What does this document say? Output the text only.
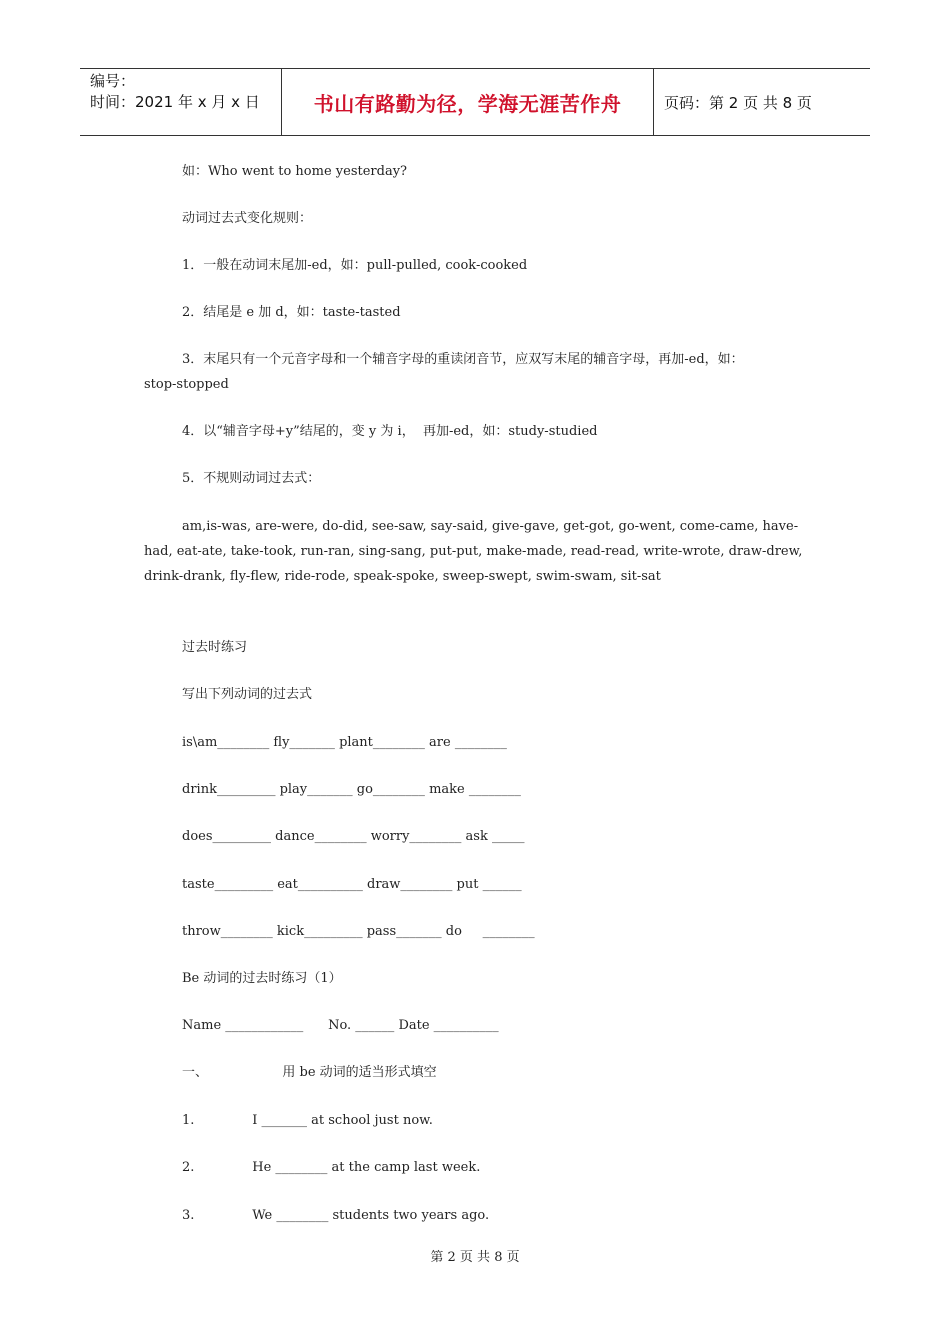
编号：
时间：2021 年 x 月 x 日	书山有路勤为径，学海无涯苦作舟	页码：第 2 页 共 8 页
如：Who went to home yesterday?
动词过去式变化规则：
1．一般在动词末尾加-ed，如：pull-pulled, cook-cooked
2．结尾是 e 加 d，如：taste-tasted
3．末尾只有一个元音字母和一个辅音字母的重读闭音节，应双写末尾的辅音字母，再加-ed，如：
stop-stopped
4．以“辅音字母+y”结尾的，变 y 为 i，  再加-ed，如：study-studied
5．不规则动词过去式：
am,is-was, are-were, do-did, see-saw, say-said, give-gave, get-got, go-went, come-came, have-had, eat-ate, take-took, run-ran, sing-sang, put-put, make-made, read-read, write-wrote, draw-drew, drink-drank, fly-flew, ride-rode, speak-spoke, sweep-swept, swim-swam, sit-sat
过去时练习
写出下列动词的过去式
is\am________ fly_______ plant________ are ________
drink_________ play_______ go________ make ________
does_________ dance________ worry________ ask _____
taste_________ eat__________ draw________ put ______
throw________ kick_________ pass_______ do     ________
Be 动词的过去时练习（1）
Name ____________      No. ______ Date __________
一、                  用 be 动词的适当形式填空
1.              I _______ at school just now.
2.              He ________ at the camp last week.
3.              We ________ students two years ago.
第 2 页 共 8 页
